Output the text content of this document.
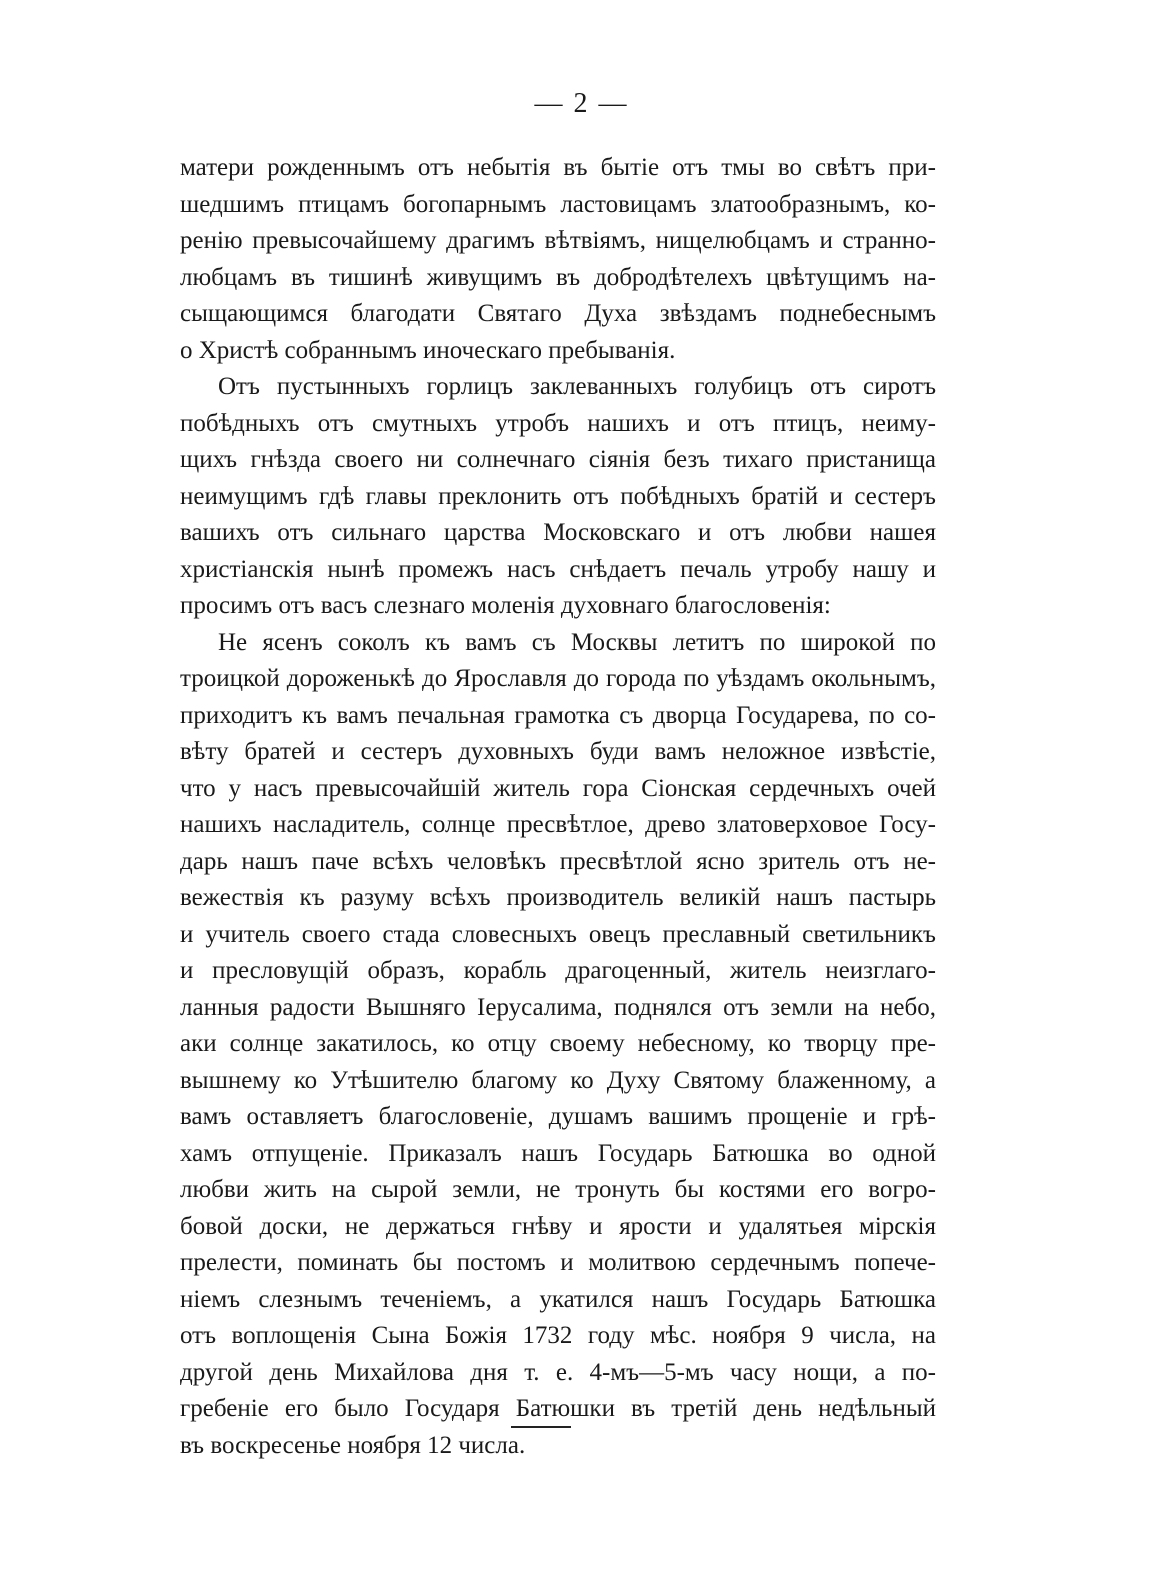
— 2 —
матери рожденнымъ отъ небытія въ бытіе отъ тмы во свѣтъ при-
шедшимъ птицамъ богопарнымъ ластовицамъ златообразнымъ, ко-
ренію превысочайшему драгимъ вѣтвіямъ, нищелюбцамъ и странно-
любцамъ въ тишинѣ живущимъ въ добродѣтелехъ цвѣтущимъ на-
сыщающимся благодати Святаго Духа звѣздамъ поднебеснымъ
о Христѣ собраннымъ иноческаго пребыванія.
Отъ пустынныхъ горлицъ заклеванныхъ голубицъ отъ сиротъ
побѣдныхъ отъ смутныхъ утробъ нашихъ и отъ птицъ, неиму-
щихъ гнѣзда своего ни солнечнаго сіянія безъ тихаго пристанища
неимущимъ гдѣ главы преклонить отъ побѣдныхъ братій и сестеръ
вашихъ отъ сильнаго царства Московскаго и отъ любви нашея
христіанскія нынѣ промежъ насъ снѣдаетъ печаль утробу нашу и
просимъ отъ васъ слезнаго моленія духовнаго благословенія:
Не ясенъ соколъ къ вамъ съ Москвы летитъ по широкой по
троицкой дороженькѣ до Ярославля до города по уѣздамъ окольнымъ,
приходитъ къ вамъ печальная грамотка съ дворца Государева, по со-
вѣту братей и сестеръ духовныхъ буди вамъ неложное извѣстіе,
что у насъ превысочайшій житель гора Сіонская сердечныхъ очей
нашихъ насладитель, солнце пресвѣтлое, древо златоверховое Госу-
дарь нашъ паче всѣхъ человѣкъ пресвѣтлой ясно зритель отъ не-
вежествія къ разуму всѣхъ производитель великій нашъ пастырь
и учитель своего стада словесныхъ овецъ преславный светильникъ
и пресловущій образъ, корабль драгоценный, житель неизглаго-
ланныя радости Вышняго Іерусалима, поднялся отъ земли на небо,
аки солнце закатилось, ко отцу своему небесному, ко творцу пре-
вышнему ко Утѣшителю благому ко Духу Святому блаженному, а
вамъ оставляетъ благословеніе, душамъ вашимъ прощеніе и грѣ-
хамъ отпущеніе. Приказалъ нашъ Государь Батюшка во одной
любви жить на сырой земли, не тронуть бы костями его вогро-
бовой доски, не держаться гнѣву и ярости и удалятьея мірскія
прелести, поминать бы постомъ и молитвою сердечнымъ попече-
ніемъ слезнымъ теченіемъ, а укатился нашъ Государь Батюшка
отъ воплощенія Сына Божія 1732 году мѣс. ноября 9 числа, на
другой день Михайлова дня т. е. 4-мъ—5-мъ часу нощи, а по-
гребеніе его было Государя Батюшки въ третій день недѣльный
въ воскресенье ноября 12 числа.
